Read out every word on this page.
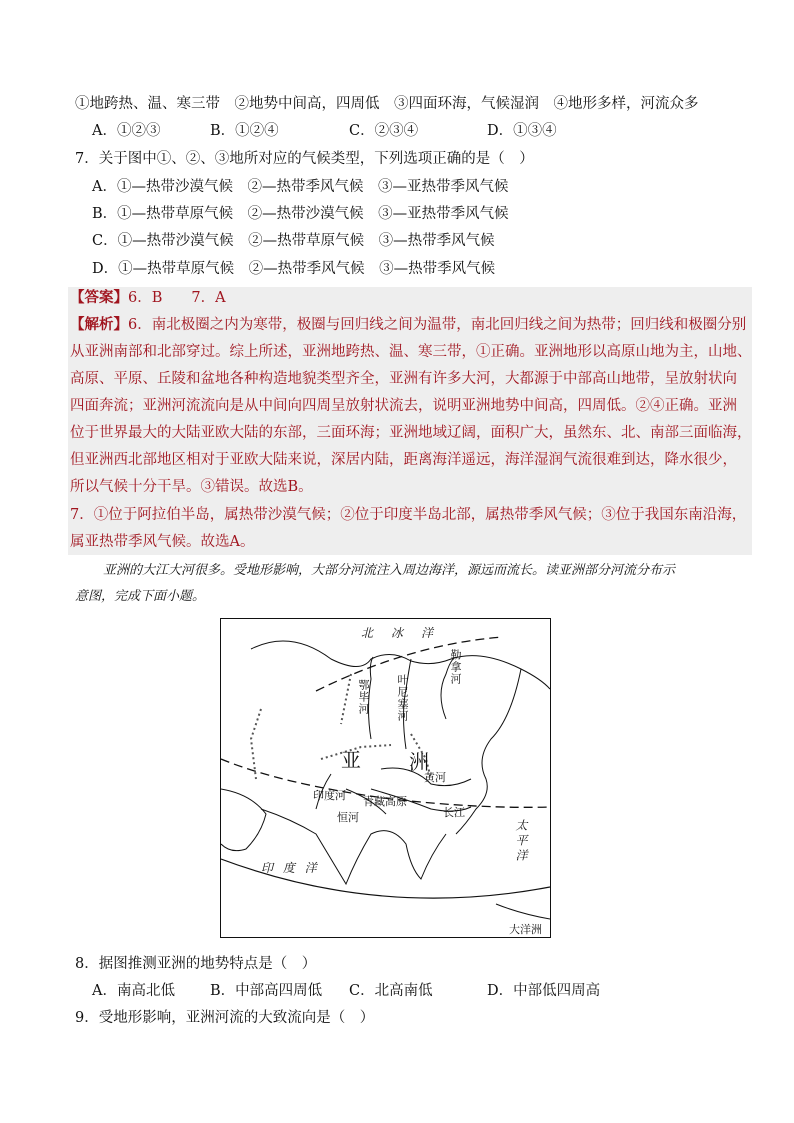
①地跨热、温、寒三带　②地势中间高，四周低　③四面环海，气候湿润　④地形多样，河流众多
A．①②③	B．①②④	C．②③④	D．①③④
7．关于图中①、②、③地所对应的气候类型，下列选项正确的是（　）
A．①—热带沙漠气候　②—热带季风气候　③—亚热带季风气候
B．①—热带草原气候　②—热带沙漠气候　③—亚热带季风气候
C．①—热带沙漠气候　②—热带草原气候　③—热带季风气候
D．①—热带草原气候　②—热带季风气候　③—热带季风气候
【答案】6．B　　7．A
【解析】6．南北极圈之内为寒带，极圈与回归线之间为温带，南北回归线之间为热带；回归线和极圈分别
从亚洲南部和北部穿过。综上所述，亚洲地跨热、温、寒三带，①正确。亚洲地形以高原山地为主，山地、
高原、平原、丘陵和盆地各种构造地貌类型齐全，亚洲有许多大河，大都源于中部高山地带，呈放射状向
四面奔流；亚洲河流流向是从中间向四周呈放射状流去，说明亚洲地势中间高，四周低。②④正确。亚洲
位于世界最大的大陆亚欧大陆的东部，三面环海；亚洲地域辽阔，面积广大，虽然东、北、南部三面临海，
但亚洲西北部地区相对于亚欧大陆来说，深居内陆，距离海洋遥远，海洋湿润气流很难到达，降水很少，
所以气候十分干旱。③错误。故选B。
7．①位于阿拉伯半岛，属热带沙漠气候；②位于印度半岛北部，属热带季风气候；③位于我国东南沿海，
属亚热带季风气候。故选A。
亚洲的大江大河很多。受地形影响，大部分河流注入周边海洋，源远而流长。读亚洲部分河流分布示
意图，完成下面小题。
北　冰　洋
印 度 洋
太平洋
大洋洲
亚 洲
鄂毕河 叶尼塞河
勒拿河
黄河
印度河
恒河	长江
青藏高原
8．据图推测亚洲的地势特点是（　）
A．南高北低 B．中部高四周低 C．北高南低	D．中部低四周高
9．受地形影响，亚洲河流的大致流向是（　）
